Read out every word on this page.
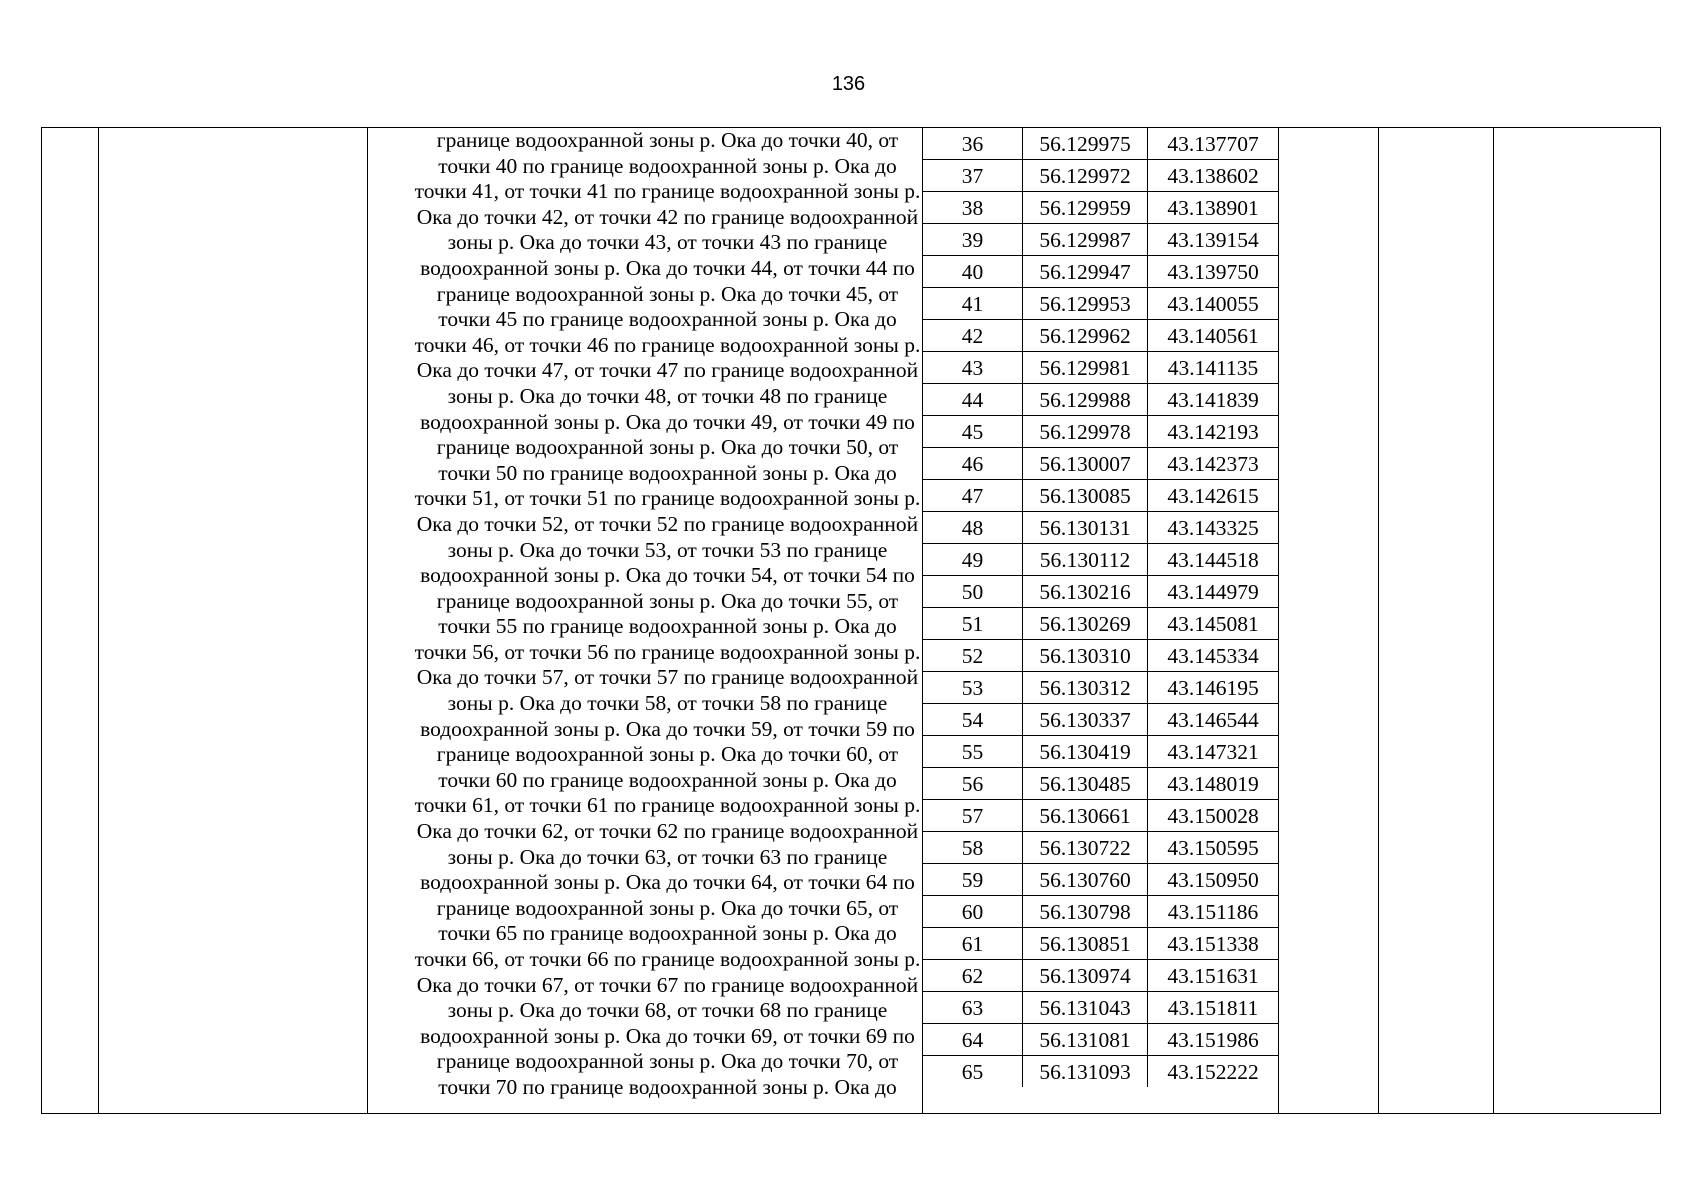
136
границе водоохранной зоны р. Ока до точки 40, от
точки 40 по границе водоохранной зоны р. Ока до
точки 41, от точки 41 по границе водоохранной зоны р.
Ока до точки 42, от точки 42 по границе водоохранной
зоны р. Ока до точки 43, от точки 43 по границе
водоохранной зоны р. Ока до точки 44, от точки 44 по
границе водоохранной зоны р. Ока до точки 45, от
точки 45 по границе водоохранной зоны р. Ока до
точки 46, от точки 46 по границе водоохранной зоны р.
Ока до точки 47, от точки 47 по границе водоохранной
зоны р. Ока до точки 48, от точки 48 по границе
водоохранной зоны р. Ока до точки 49, от точки 49 по
границе водоохранной зоны р. Ока до точки 50, от
точки 50 по границе водоохранной зоны р. Ока до
точки 51, от точки 51 по границе водоохранной зоны р.
Ока до точки 52, от точки 52 по границе водоохранной
зоны р. Ока до точки 53, от точки 53 по границе
водоохранной зоны р. Ока до точки 54, от точки 54 по
границе водоохранной зоны р. Ока до точки 55, от
точки 55 по границе водоохранной зоны р. Ока до
точки 56, от точки 56 по границе водоохранной зоны р.
Ока до точки 57, от точки 57 по границе водоохранной
зоны р. Ока до точки 58, от точки 58 по границе
водоохранной зоны р. Ока до точки 59, от точки 59 по
границе водоохранной зоны р. Ока до точки 60, от
точки 60 по границе водоохранной зоны р. Ока до
точки 61, от точки 61 по границе водоохранной зоны р.
Ока до точки 62, от точки 62 по границе водоохранной
зоны р. Ока до точки 63, от точки 63 по границе
водоохранной зоны р. Ока до точки 64, от точки 64 по
границе водоохранной зоны р. Ока до точки 65, от
точки 65 по границе водоохранной зоны р. Ока до
точки 66, от точки 66 по границе водоохранной зоны р.
Ока до точки 67, от точки 67 по границе водоохранной
зоны р. Ока до точки 68, от точки 68 по границе
водоохранной зоны р. Ока до точки 69, от точки 69 по
границе водоохранной зоны р. Ока до точки 70, от
точки 70 по границе водоохранной зоны р. Ока до
36	56.129975	43.137707
37	56.129972	43.138602
38	56.129959	43.138901
39	56.129987	43.139154
40	56.129947	43.139750
41	56.129953	43.140055
42	56.129962	43.140561
43	56.129981	43.141135
44	56.129988	43.141839
45	56.129978	43.142193
46	56.130007	43.142373
47	56.130085	43.142615
48	56.130131	43.143325
49	56.130112	43.144518
50	56.130216	43.144979
51	56.130269	43.145081
52	56.130310	43.145334
53	56.130312	43.146195
54	56.130337	43.146544
55	56.130419	43.147321
56	56.130485	43.148019
57	56.130661	43.150028
58	56.130722	43.150595
59	56.130760	43.150950
60	56.130798	43.151186
61	56.130851	43.151338
62	56.130974	43.151631
63	56.131043	43.151811
64	56.131081	43.151986
65	56.131093	43.152222
